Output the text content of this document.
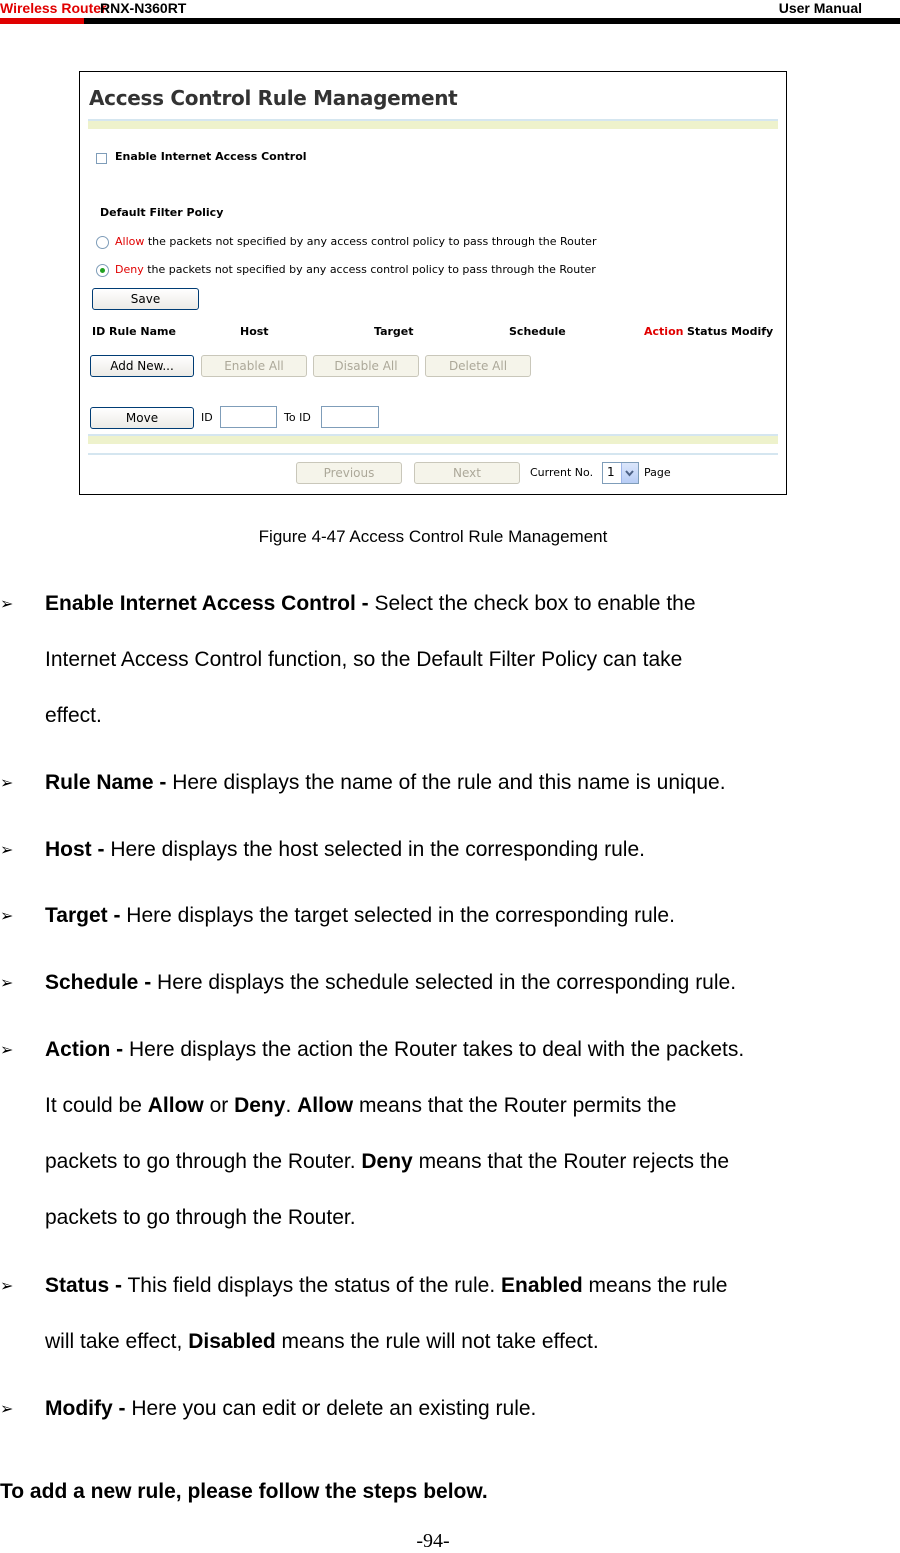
Wireless Router
RNX-N360RT	User Manual
Access Control Rule Management
Enable Internet Access Control
Default Filter Policy
Allow the packets not specified by any access control policy to pass through the Router
Deny the packets not specified by any access control policy to pass through the Router
Save
ID Rule Name	Host	Target	Schedule	Action Status Modify
Add New...	Enable All	Disable All	Delete All
Move	ID	To ID
Previous	Next	Current No. 1	Page
Figure 4-47 Access Control Rule Management
➢	Enable Internet Access Control - Select the check box to enable the
Internet Access Control function, so the Default Filter Policy can take
effect.
➢	Rule Name - Here displays the name of the rule and this name is unique.
➢	Host - Here displays the host selected in the corresponding rule.
➢	Target - Here displays the target selected in the corresponding rule.
➢	Schedule - Here displays the schedule selected in the corresponding rule.
➢	Action - Here displays the action the Router takes to deal with the packets.
It could be Allow or Deny. Allow means that the Router permits the
packets to go through the Router. Deny means that the Router rejects the
packets to go through the Router.
➢	Status - This field displays the status of the rule. Enabled means the rule
will take effect, Disabled means the rule will not take effect.
➢	Modify - Here you can edit or delete an existing rule.
To add a new rule, please follow the steps below.
-94-
